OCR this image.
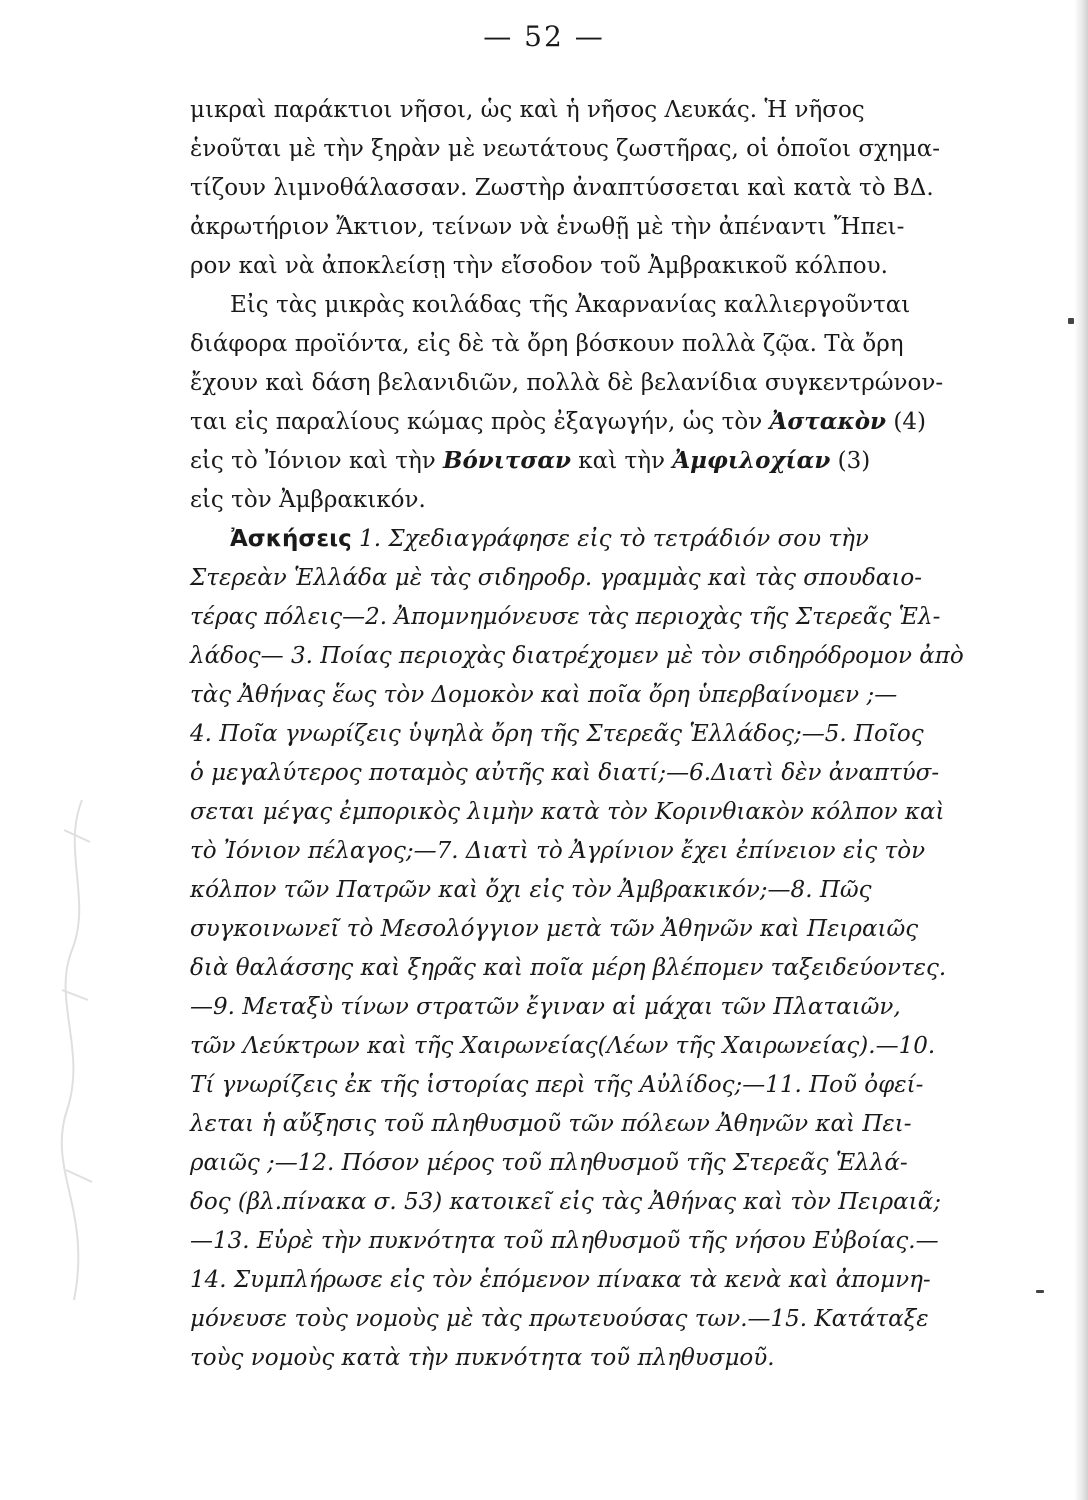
— 52 —
μικραὶ παράκτιοι νῆσοι, ὡς καὶ ἡ νῆσος Λευκάς. Ἡ νῆσος
ἑνοῦται μὲ τὴν ξηρὰν μὲ νεωτάτους ζωστῆρας, οἱ ὁποῖοι σχημα-
τίζουν λιμνοθάλασσαν. Ζωστὴρ ἀναπτύσσεται καὶ κατὰ τὸ ΒΔ.
ἀκρωτήριον Ἄκτιον, τείνων νὰ ἑνωθῇ μὲ τὴν ἀπέναντι Ἤπει-
ρον καὶ νὰ ἀποκλείσῃ τὴν εἴσοδον τοῦ Ἀμβρακικοῦ κόλπου.
Εἰς τὰς μικρὰς κοιλάδας τῆς Ἀκαρνανίας καλλιεργοῦνται
διάφορα προϊόντα, εἰς δὲ τὰ ὄρη βόσκουν πολλὰ ζῷα. Τὰ ὄρη
ἔχουν καὶ δάση βελανιδιῶν, πολλὰ δὲ βελανίδια συγκεντρώνον-
ται εἰς παραλίους κώμας πρὸς ἐξαγωγήν, ὡς τὸν Ἀστακὸν (4)
εἰς τὸ Ἰόνιον καὶ τὴν Βόνιτσαν καὶ τὴν Ἀμφιλοχίαν (3)
εἰς τὸν Ἀμβρακικόν.
Ἀσκήσεις 1. Σχεδιαγράφησε εἰς τὸ τετράδιόν σου τὴν
Στερεὰν Ἑλλάδα μὲ τὰς σιδηροδρ. γραμμὰς καὶ τὰς σπουδαιο-
τέρας πόλεις—2. Ἀπομνημόνευσε τὰς περιοχὰς τῆς Στερεᾶς Ἑλ-
λάδος— 3. Ποίας περιοχὰς διατρέχομεν μὲ τὸν σιδηρόδρομον ἀπὸ
τὰς Ἀθήνας ἕως τὸν Δομοκὸν καὶ ποῖα ὄρη ὑπερβαίνομεν ;—
4. Ποῖα γνωρίζεις ὑψηλὰ ὄρη τῆς Στερεᾶς Ἑλλάδος;—5. Ποῖος
ὁ μεγαλύτερος ποταμὸς αὐτῆς καὶ διατί;—6.Διατὶ δὲν ἀναπτύσ-
σεται μέγας ἐμπορικὸς λιμὴν κατὰ τὸν Κορινθιακὸν κόλπον καὶ
τὸ Ἰόνιον πέλαγος;—7. Διατὶ τὸ Ἀγρίνιον ἔχει ἐπίνειον εἰς τὸν
κόλπον τῶν Πατρῶν καὶ ὄχι εἰς τὸν Ἀμβρακικόν;—8. Πῶς
συγκοινωνεῖ τὸ Μεσολόγγιον μετὰ τῶν Ἀθηνῶν καὶ Πειραιῶς
διὰ θαλάσσης καὶ ξηρᾶς καὶ ποῖα μέρη βλέπομεν ταξειδεύοντες.
—9. Μεταξὺ τίνων στρατῶν ἔγιναν αἱ μάχαι τῶν Πλαταιῶν,
τῶν Λεύκτρων καὶ τῆς Χαιρωνείας(Λέων τῆς Χαιρωνείας).—10.
Τί γνωρίζεις ἐκ τῆς ἱστορίας περὶ τῆς Αὐλίδος;—11. Ποῦ ὀφεί-
λεται ἡ αὔξησις τοῦ πληθυσμοῦ τῶν πόλεων Ἀθηνῶν καὶ Πει-
ραιῶς ;—12. Πόσον μέρος τοῦ πληθυσμοῦ τῆς Στερεᾶς Ἑλλά-
δος (βλ.πίνακα σ. 53) κατοικεῖ εἰς τὰς Ἀθήνας καὶ τὸν Πειραιᾶ;
—13. Εὑρὲ τὴν πυκνότητα τοῦ πληθυσμοῦ τῆς νήσου Εὐβοίας.—
14. Συμπλήρωσε εἰς τὸν ἑπόμενον πίνακα τὰ κενὰ καὶ ἀπομνη-
μόνευσε τοὺς νομοὺς μὲ τὰς πρωτευούσας των.—15. Κατάταξε
τοὺς νομοὺς κατὰ τὴν πυκνότητα τοῦ πληθυσμοῦ.
